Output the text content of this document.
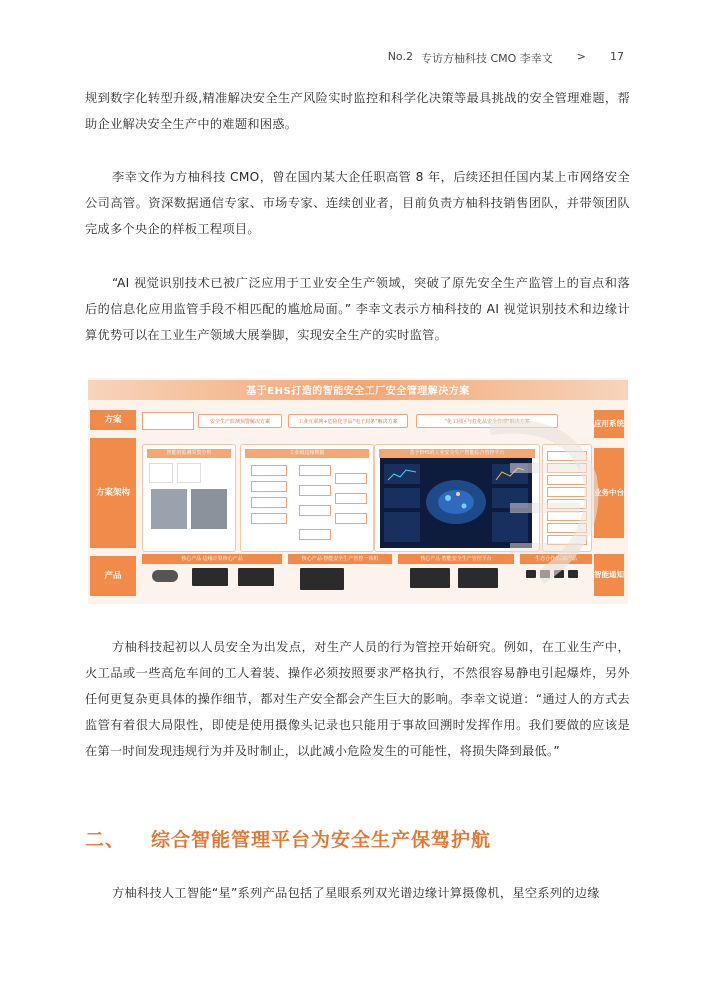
No.2 专访方柚科技 CMO 李幸文 > 17

规到数字化转型升级,精准解决安全生产风险实时监控和科学化决策等最具挑战的安全管理难题，帮助企业解决安全生产中的难题和困惑。

李幸文作为方柚科技 CMO，曾在国内某大企任职高管 8 年，后续还担任国内某上市网络安全公司高管。资深数据通信专家、市场专家、连续创业者，目前负责方柚科技销售团队，并带领团队完成多个央企的样板工程项目。

“AI 视觉识别技术已被广泛应用于工业安全生产领域，突破了原先安全生产监管上的盲点和落后的信息化应用监管手段不相匹配的尴尬局面。” 李幸文表示方柚科技的 AI 视觉识别技术和边缘计算优势可以在工业生产领域大展拳脚，实现安全生产的实时监管。

基于EHS打造的智能安全工厂安全管理解决方案
方案
方案架构
产品
应用系统
业务中台
智能通知
安全生产监测预警解决方案	工业互联网+危险化学品“电子封条”解决方案	“化工园区与危化品安全管理”解决方案
智能的监测采集分析	工业级边缘数据	基于EHS的工业安全生产智能综合管控平台
核心产品·边缘计算核心产品	核心产品·智能安全生产管控一体机	核心产品·智能安全生产管控平台	生态合作/后端产品

方柚科技起初以人员安全为出发点，对生产人员的行为管控开始研究。例如，在工业生产中，火工品或一些高危车间的工人着装、操作必须按照要求严格执行，不然很容易静电引起爆炸，另外任何更复杂更具体的操作细节，都对生产安全都会产生巨大的影响。李幸文说道：“通过人的方式去监管有着很大局限性，即使是使用摄像头记录也只能用于事故回溯时发挥作用。我们要做的应该是在第一时间发现违规行为并及时制止，以此减小危险发生的可能性，将损失降到最低。”

二、 综合智能管理平台为安全生产保驾护航

方柚科技人工智能“星”系列产品包括了星眼系列双光谱边缘计算摄像机，星空系列的边缘
